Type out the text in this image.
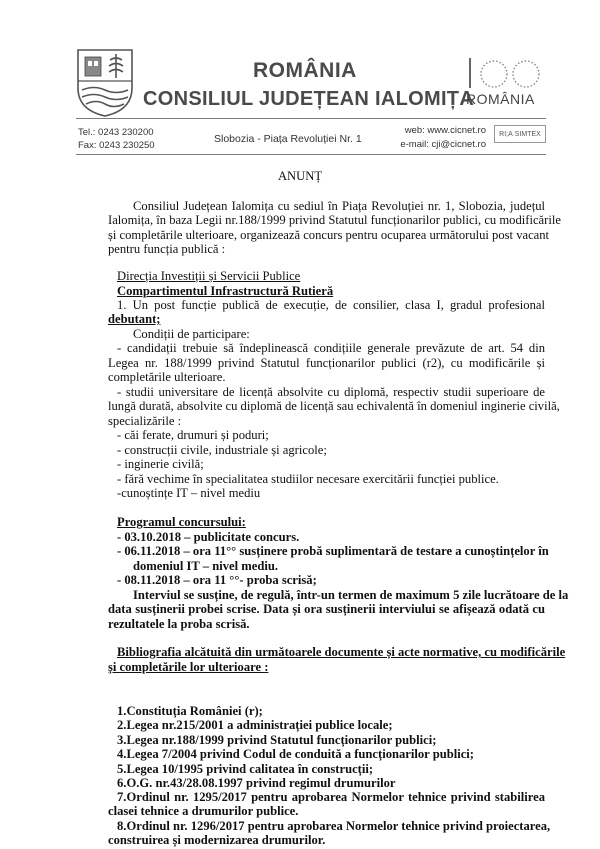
ROMÂNIA
CONSILIUL JUDEȚEAN IALOMIȚA
ROMÂNIA
Tel.: 0243 230200
Fax: 0243 230250
Slobozia - Piața Revoluției Nr. 1
web: www.cicnet.ro
e-mail: cji@cicnet.ro
RI;A SIMTEX
ANUNȚ
Consiliul Județean Ialomița cu sediul în Piața Revoluției nr. 1, Slobozia, județul
Ialomița, în baza Legii nr.188/1999 privind Statutul funcționarilor publici, cu modificările
și completările ulterioare, organizează concurs pentru ocuparea următorului post vacant
pentru funcția publică :
Direcția Investiții și Servicii Publice
Compartimentul Infrastructură Rutieră
1. Un post funcție publică de execuție, de consilier, clasa I, gradul profesional
debutant;
Condiții de participare:
- candidații trebuie să îndeplinească condițiile generale prevăzute de art. 54 din
Legea nr. 188/1999 privind Statutul funcționarilor publici (r2), cu modificările și
completările ulterioare.
- studii universitare de licență absolvite cu diplomă, respectiv studii superioare de
lungă durată, absolvite cu diplomă de licență sau echivalentă în domeniul inginerie civilă,
specializările :
- căi ferate, drumuri și poduri;
- construcții civile, industriale și agricole;
- inginerie civilă;
- fără vechime în specialitatea studiilor necesare exercitării funcției publice.
-cunoștințe IT – nivel mediu
Programul concursului:
- 03.10.2018 – publicitate concurs.
- 06.11.2018 – ora 11°° susținere probă suplimentară de testare a cunoștințelor în
domeniul IT – nivel mediu.
- 08.11.2018 – ora 11 °°- proba scrisă;
Interviul se susține, de regulă, într-un termen de maximum 5 zile lucrătoare de la
data susținerii probei scrise. Data și ora susținerii interviului se afișează odată cu
rezultatele la proba scrisă.
Bibliografia alcătuită din următoarele documente și acte normative, cu modificările
și completările lor ulterioare :
1.Constituția României (r);
2.Legea nr.215/2001 a administrației publice locale;
3.Legea nr.188/1999 privind Statutul funcționarilor publici;
4.Legea 7/2004 privind Codul de conduită a funcționarilor publici;
5.Legea 10/1995 privind calitatea în construcții;
6.O.G. nr.43/28.08.1997 privind regimul drumurilor
7.Ordinul nr. 1295/2017 pentru aprobarea Normelor tehnice privind stabilirea
clasei tehnice a drumurilor publice.
8.Ordinul nr. 1296/2017 pentru aprobarea Normelor tehnice privind proiectarea,
construirea și modernizarea drumurilor.
